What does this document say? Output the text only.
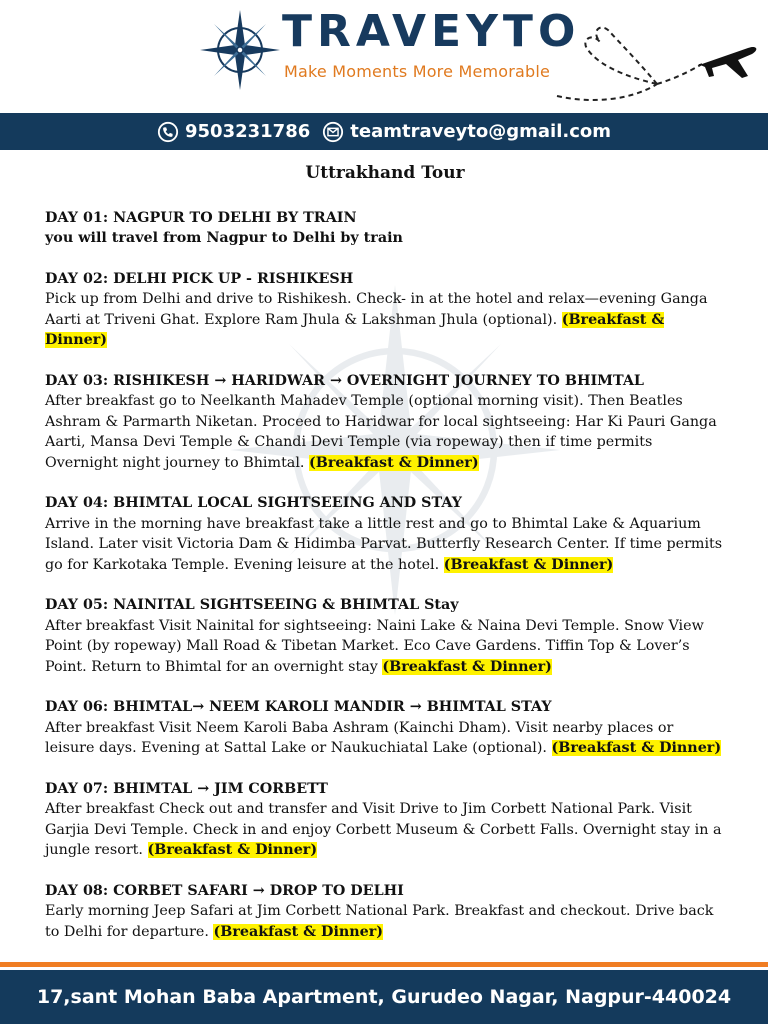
TRAVEYTO
Make Moments More Memorable
9503231786 teamtraveyto@gmail.com
Uttrakhand Tour
DAY 01: NAGPUR TO DELHI BY TRAIN
you will travel from Nagpur to Delhi by train
DAY 02: DELHI PICK UP - RISHIKESH
Pick up from Delhi and drive to Rishikesh. Check- in at the hotel and relax—evening Ganga Aarti at Triveni Ghat. Explore Ram Jhula & Lakshman Jhula (optional). (Breakfast & Dinner)
DAY 03: RISHIKESH → HARIDWAR → OVERNIGHT JOURNEY TO BHIMTAL
After breakfast go to Neelkanth Mahadev Temple (optional morning visit). Then Beatles Ashram & Parmarth Niketan. Proceed to Haridwar for local sightseeing: Har Ki Pauri Ganga Aarti, Mansa Devi Temple & Chandi Devi Temple (via ropeway) then if time permits Overnight night journey to Bhimtal. (Breakfast & Dinner)
DAY 04: BHIMTAL LOCAL SIGHTSEEING AND STAY
Arrive in the morning have breakfast take a little rest and go to Bhimtal Lake & Aquarium Island. Later visit Victoria Dam & Hidimba Parvat. Butterfly Research Center. If time permits go for Karkotaka Temple. Evening leisure at the hotel. (Breakfast & Dinner)
DAY 05: NAINITAL SIGHTSEEING & BHIMTAL Stay
After breakfast Visit Nainital for sightseeing: Naini Lake & Naina Devi Temple. Snow View Point (by ropeway) Mall Road & Tibetan Market. Eco Cave Gardens. Tiffin Top & Lover’s Point. Return to Bhimtal for an overnight stay (Breakfast & Dinner)
DAY 06: BHIMTAL→ NEEM KAROLI MANDIR → BHIMTAL STAY
After breakfast Visit Neem Karoli Baba Ashram (Kainchi Dham). Visit nearby places or leisure days. Evening at Sattal Lake or Naukuchiatal Lake (optional). (Breakfast & Dinner)
DAY 07: BHIMTAL → JIM CORBETT
After breakfast Check out and transfer and Visit Drive to Jim Corbett National Park. Visit Garjia Devi Temple. Check in and enjoy Corbett Museum & Corbett Falls. Overnight stay in a jungle resort. (Breakfast & Dinner)
DAY 08: CORBET SAFARI → DROP TO DELHI
Early morning Jeep Safari at Jim Corbett National Park. Breakfast and checkout. Drive back to Delhi for departure. (Breakfast & Dinner)
17,sant Mohan Baba Apartment, Gurudeo Nagar, Nagpur-440024
